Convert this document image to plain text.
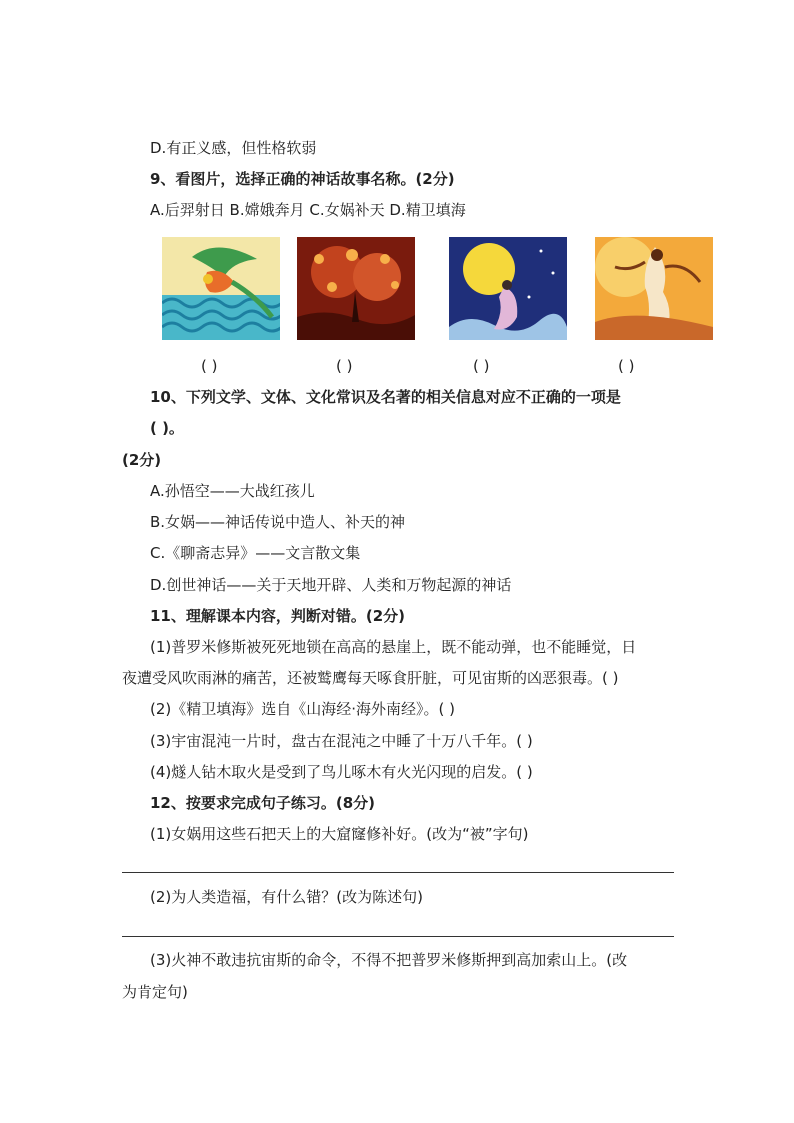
D.有正义感，但性格软弱
9、看图片，选择正确的神话故事名称。(2分)
A.后羿射日 B.嫦娥奔月 C.女娲补天 D.精卫填海
( )	( )	( )	( )
10、下列文学、文体、文化常识及名著的相关信息对应不正确的一项是
( )。
(2分)
A.孙悟空——大战红孩儿
B.女娲——神话传说中造人、补天的神
C.《聊斋志异》——文言散文集
D.创世神话——关于天地开辟、人类和万物起源的神话
11、理解课本内容，判断对错。(2分)
(1)普罗米修斯被死死地锁在高高的悬崖上，既不能动弹，也不能睡觉，日
夜遭受风吹雨淋的痛苦，还被鹫鹰每天啄食肝脏，可见宙斯的凶恶狠毒。( )
(2)《精卫填海》选自《山海经·海外南经》。( )
(3)宇宙混沌一片时，盘古在混沌之中睡了十万八千年。( )
(4)燧人钻木取火是受到了鸟儿啄木有火光闪现的启发。( )
12、按要求完成句子练习。(8分)
(1)女娲用这些石把天上的大窟窿修补好。(改为“被”字句)
(2)为人类造福，有什么错？(改为陈述句)
(3)火神不敢违抗宙斯的命令，不得不把普罗米修斯押到高加索山上。(改
为肯定句)
